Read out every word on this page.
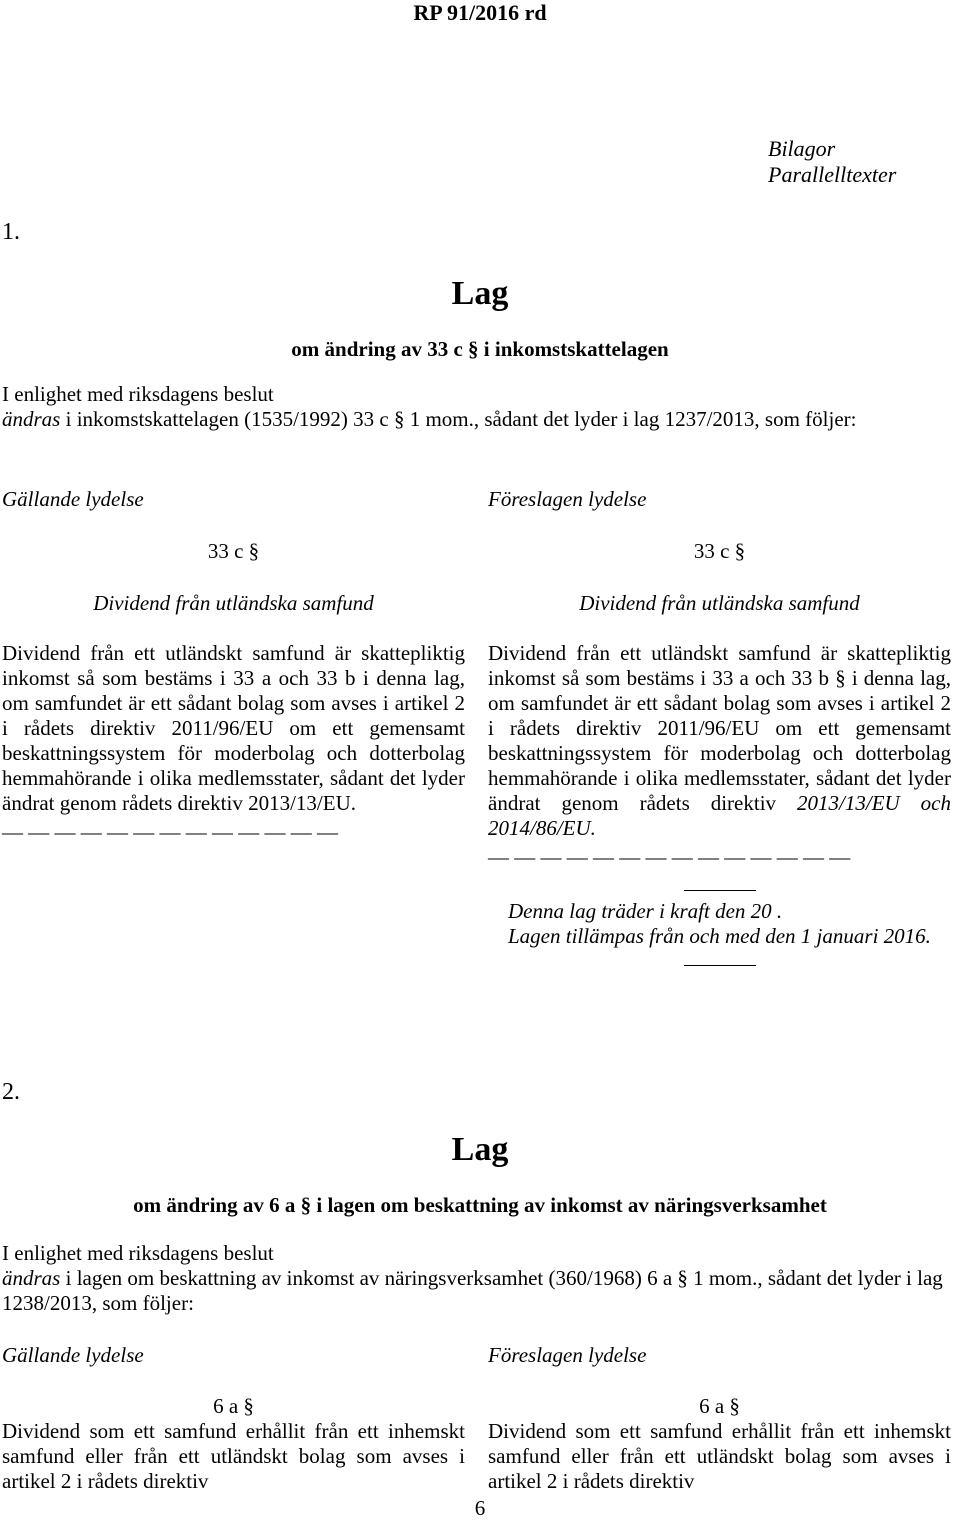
RP 91/2016 rd
Bilagor
Parallelltexter
1.
Lag
om ändring av 33 c § i inkomstskattelagen

I enlighet med riksdagens beslut

ändras i inkomstskattelagen (1535/1992) 33 c § 1 mom., sådant det lyder i lag 1237/2013, som följer:

Gällande lydelse	Föreslagen lydelse

33 c §

Dividend från utländska samfund

Dividend från ett utländskt samfund är skattepliktig inkomst så som bestäms i 33 a och 33 b i denna lag, om samfundet är ett sådant bolag som avses i artikel 2 i rådets direktiv 2011/96/EU om ett gemensamt beskattningssystem för moderbolag och dotterbolag hemmahörande i olika medlemsstater, sådant det lyder ändrat genom rådets direktiv 2013/13/EU.

— — — — — — — — — — — — —

33 c §

Dividend från utländska samfund

Dividend från ett utländskt samfund är skattepliktig inkomst så som bestäms i 33 a och 33 b § i denna lag, om samfundet är ett sådant bolag som avses i artikel 2 i rådets direktiv 2011/96/EU om ett gemensamt beskattningssystem för moderbolag och dotterbolag hemmahörande i olika medlemsstater, sådant det lyder ändrat genom rådets direktiv 2013/13/EU och 2014/86/EU.

— — — — — — — — — — — — — —
Denna lag träder i kraft den 20 .
Lagen tillämpas från och med den 1 januari 2016.
2.
Lag
om ändring av 6 a § i lagen om beskattning av inkomst av näringsverksamhet

I enlighet med riksdagens beslut

ändras i lagen om beskattning av inkomst av näringsverksamhet (360/1968) 6 a § 1 mom., sådant det lyder i lag 1238/2013, som följer:

Gällande lydelse	Föreslagen lydelse

6 a §

Dividend som ett samfund erhållit från ett inhemskt samfund eller från ett utländskt bolag som avses i artikel 2 i rådets direktiv

6 a §

Dividend som ett samfund erhållit från ett inhemskt samfund eller från ett utländskt bolag som avses i artikel 2 i rådets direktiv

6
